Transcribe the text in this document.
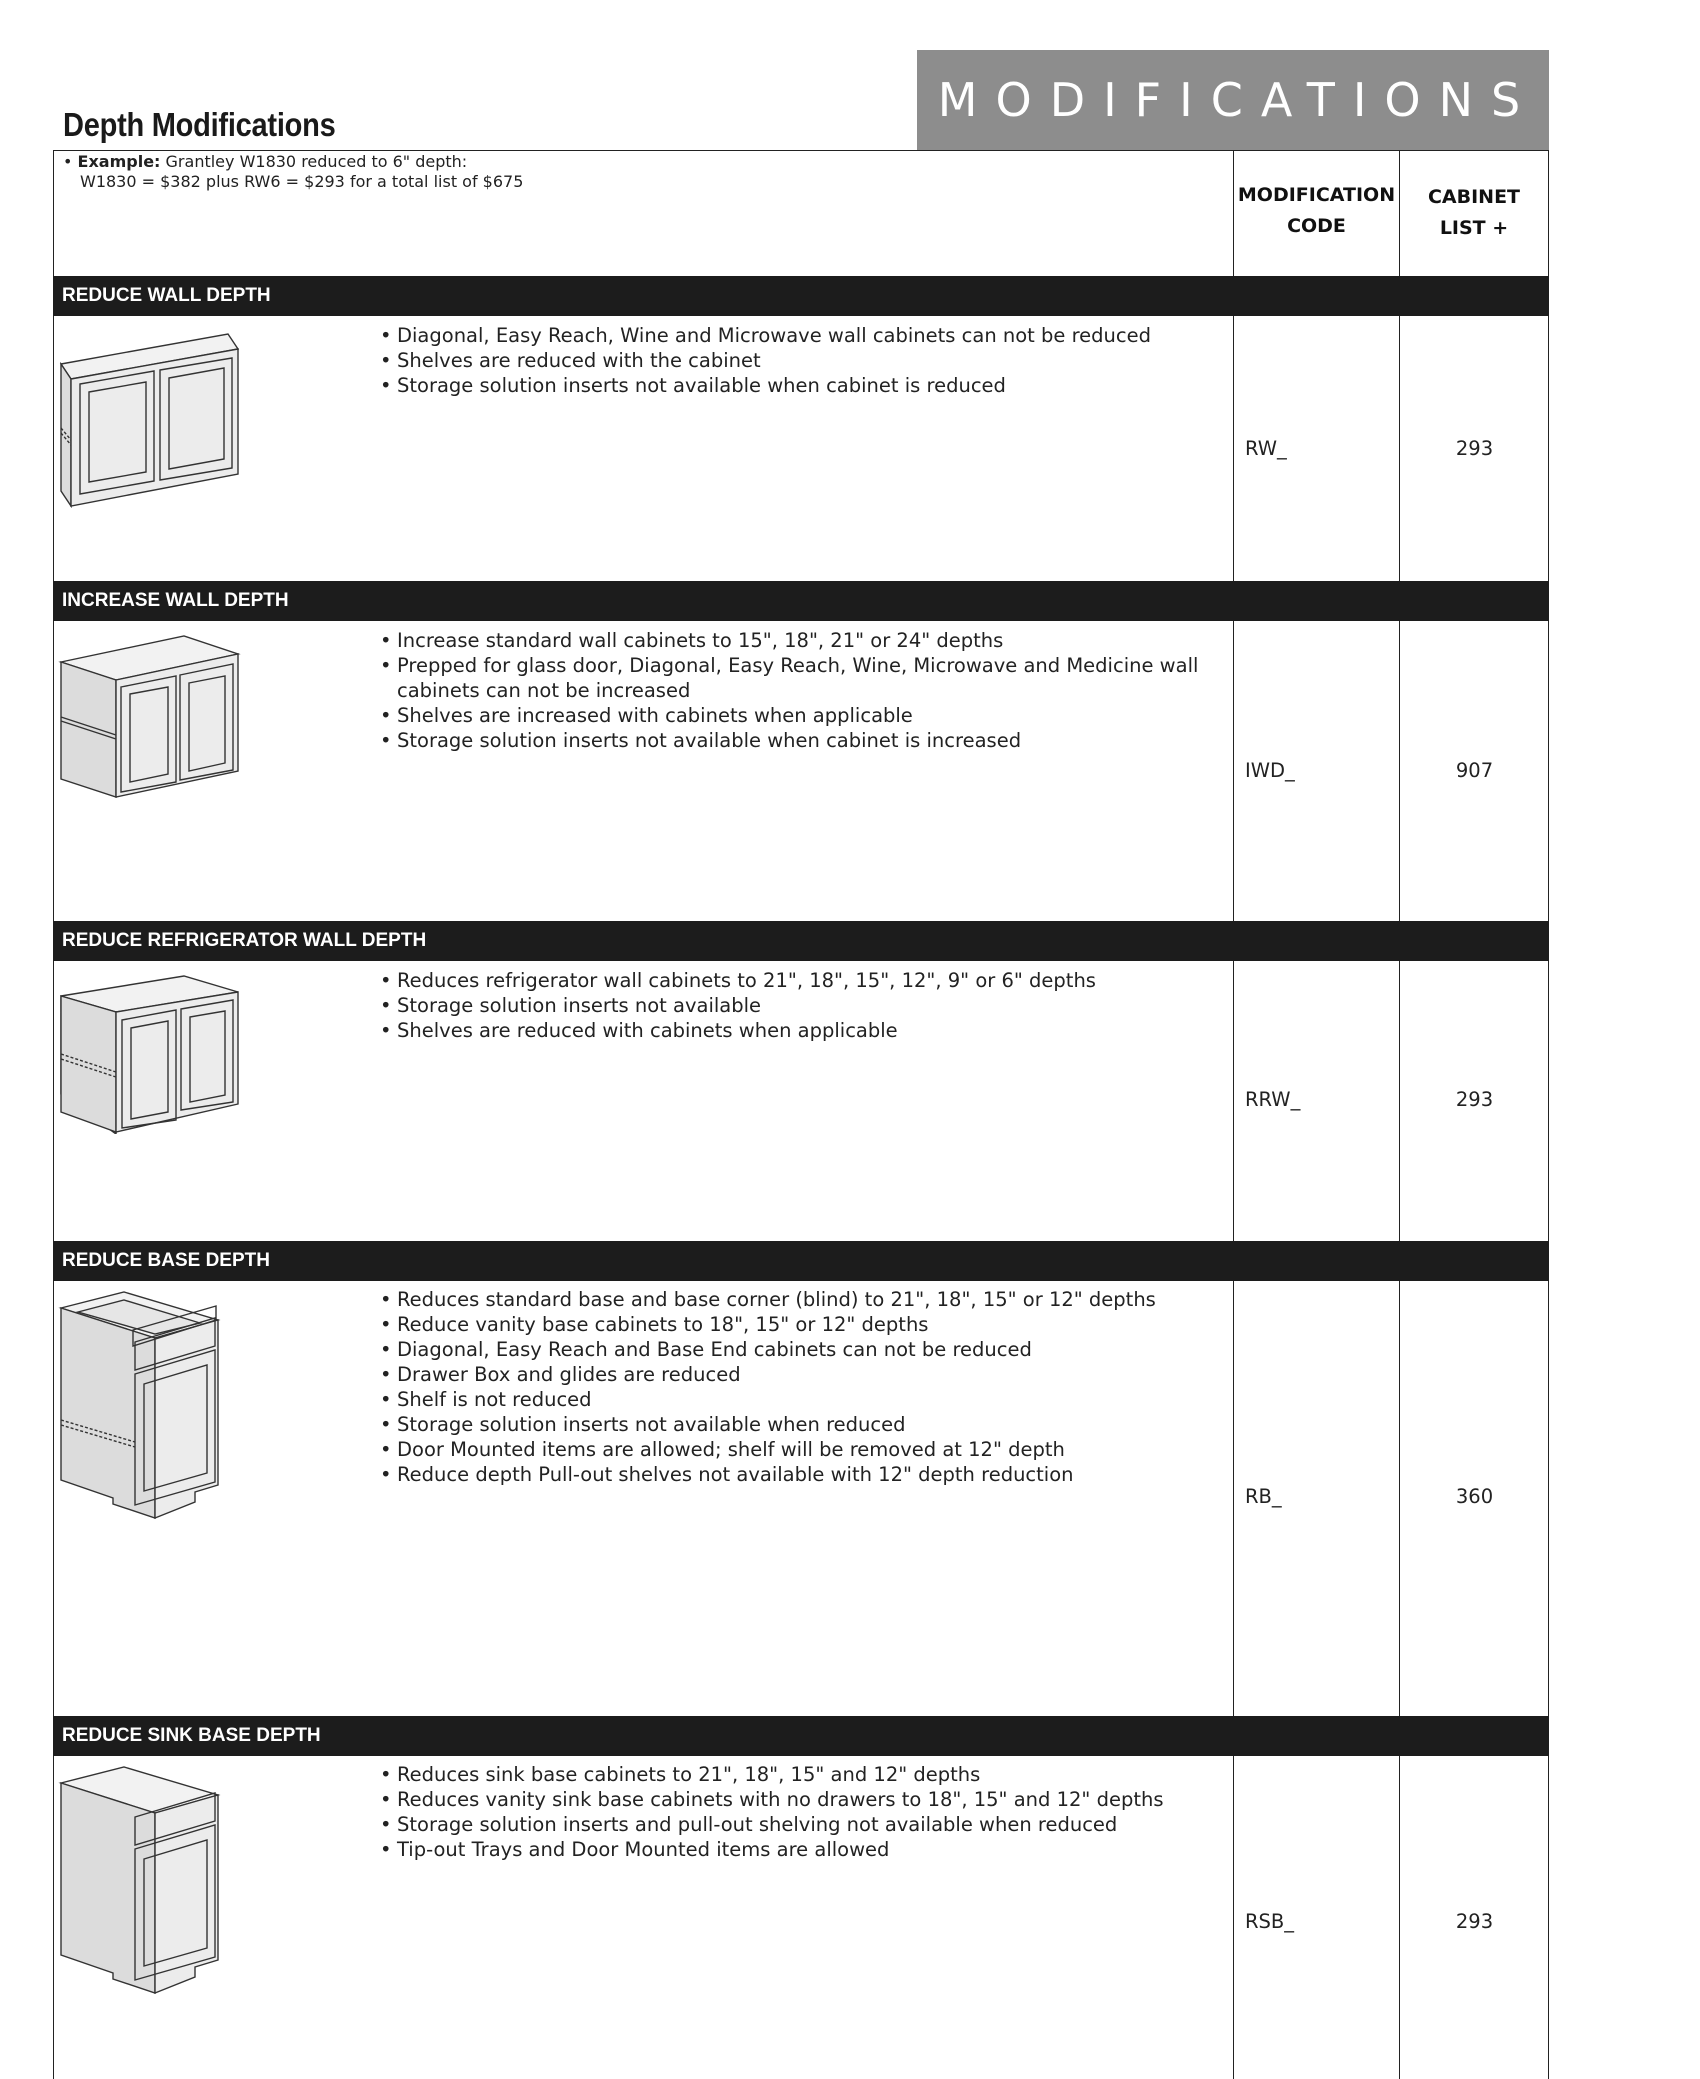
MODIFICATIONS
Depth Modifications
• Example: Grantley W1830 reduced to 6" depth:
W1830 = $382 plus RW6 = $293 for a total list of $675
MODIFICATION
CODE
CABINET
LIST +
REDUCE WALL DEPTH
• Diagonal, Easy Reach, Wine and Microwave wall cabinets can not be reduced
• Shelves are reduced with the cabinet
• Storage solution inserts not available when cabinet is reduced
RW_	293
INCREASE WALL DEPTH
• Increase standard wall cabinets to 15", 18", 21" or 24" depths
• Prepped for glass door, Diagonal, Easy Reach, Wine, Microwave and Medicine wall cabinets can not be increased
• Shelves are increased with cabinets when applicable
• Storage solution inserts not available when cabinet is increased
IWD_	907
REDUCE REFRIGERATOR WALL DEPTH
• Reduces refrigerator wall cabinets to 21", 18", 15", 12", 9" or 6" depths
• Storage solution inserts not available
• Shelves are reduced with cabinets when applicable
RRW_	293
REDUCE BASE DEPTH
• Reduces standard base and base corner (blind) to 21", 18", 15" or 12" depths
• Reduce vanity base cabinets to 18", 15" or 12" depths
• Diagonal, Easy Reach and Base End cabinets can not be reduced
• Drawer Box and glides are reduced
• Shelf is not reduced
• Storage solution inserts not available when reduced
• Door Mounted items are allowed; shelf will be removed at 12" depth
• Reduce depth Pull-out shelves not available with 12" depth reduction
RB_	360
REDUCE SINK BASE DEPTH
• Reduces sink base cabinets to 21", 18", 15" and 12" depths
• Reduces vanity sink base cabinets with no drawers to 18", 15" and 12" depths
• Storage solution inserts and pull-out shelving not available when reduced
• Tip-out Trays and Door Mounted items are allowed
RSB_	293
